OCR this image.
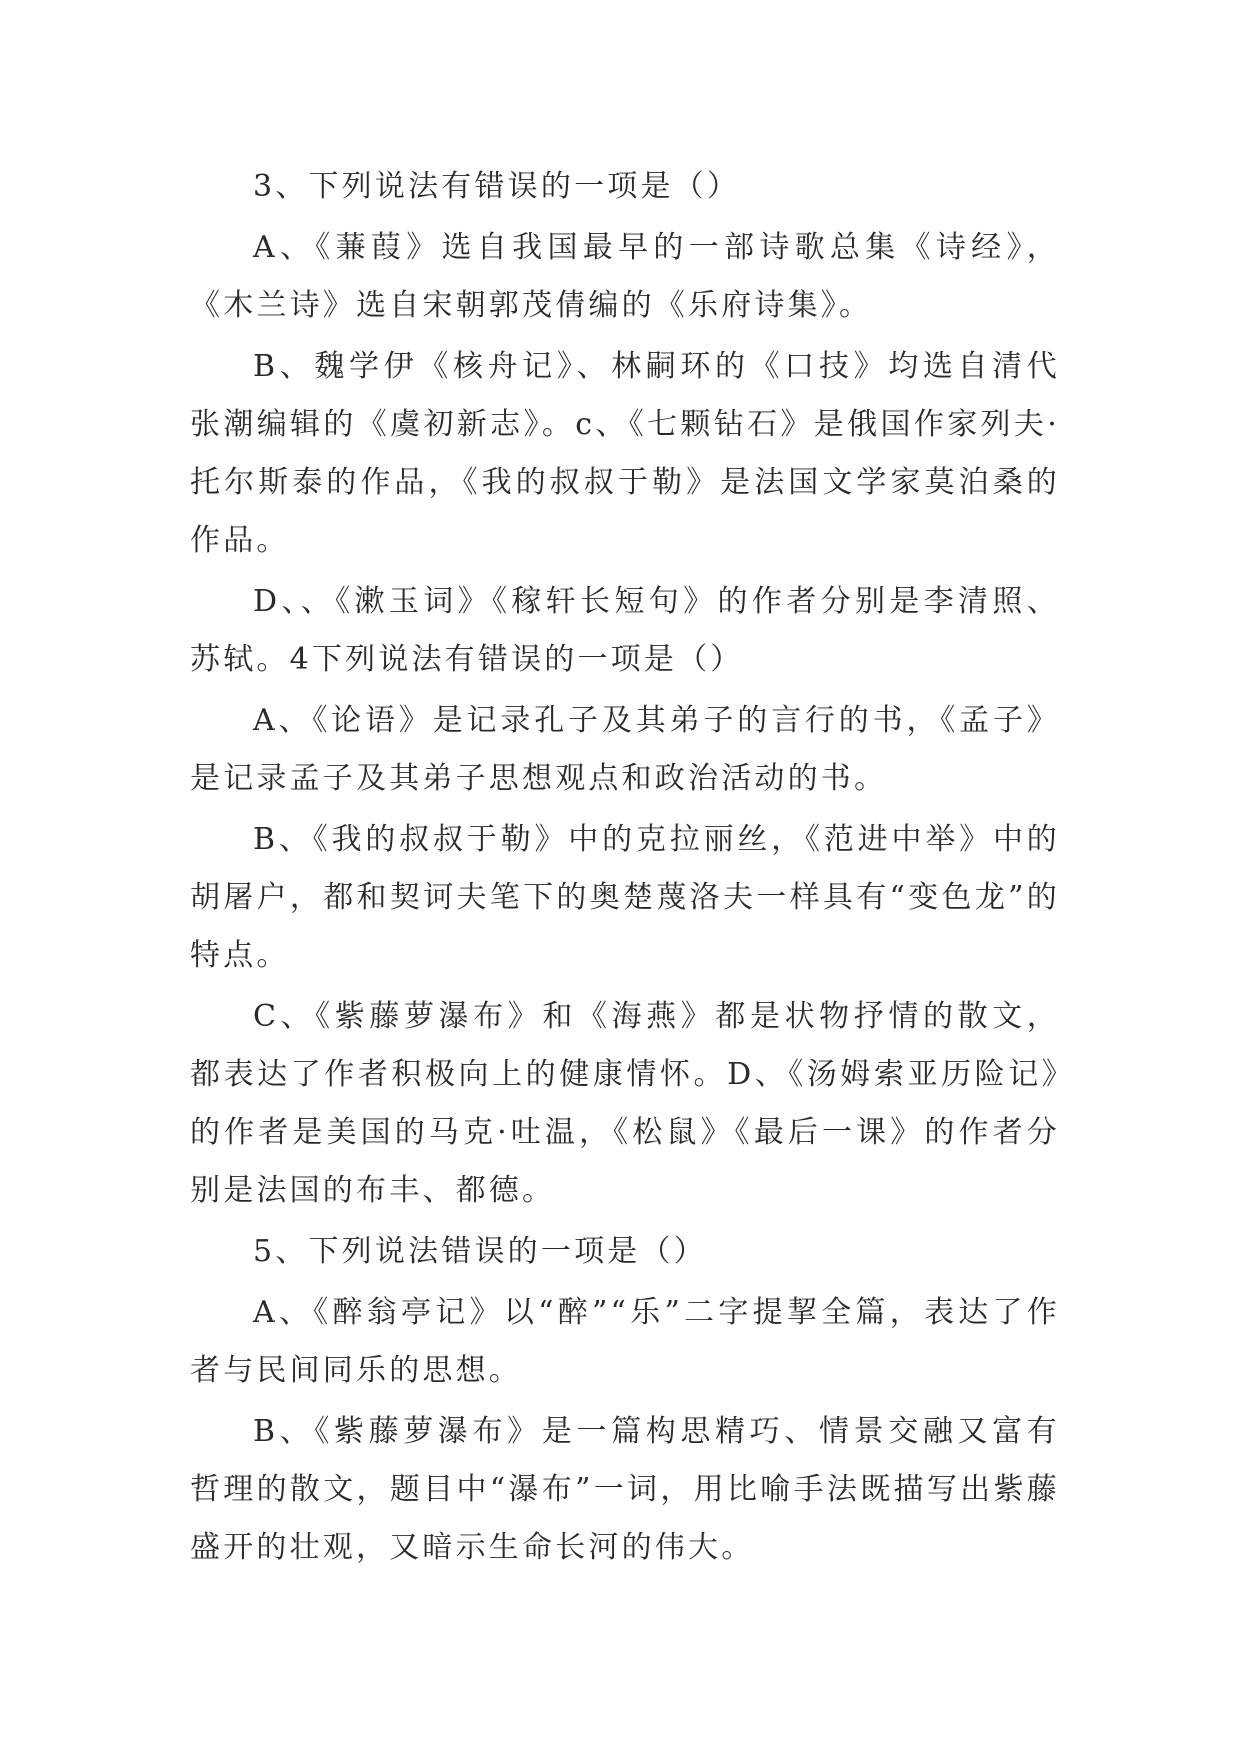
3、下列说法有错误的一项是（）

A、《蒹葭》选自我国最早的一部诗歌总集《诗经》，《木兰诗》选自宋朝郭茂倩编的《乐府诗集》。

B、魏学伊《核舟记》、林嗣环的《口技》均选自清代张潮编辑的《虞初新志》。c、《七颗钻石》是俄国作家列夫·托尔斯泰的作品，《我的叔叔于勒》是法国文学家莫泊桑的作品。

D、、《漱玉词》《稼轩长短句》的作者分别是李清照、苏轼。4下列说法有错误的一项是（）

A、《论语》是记录孔子及其弟子的言行的书，《孟子》是记录孟子及其弟子思想观点和政治活动的书。

B、《我的叔叔于勒》中的克拉丽丝，《范进中举》中的胡屠户，都和契诃夫笔下的奥楚蔑洛夫一样具有“变色龙”的特点。

C、《紫藤萝瀑布》和《海燕》都是状物抒情的散文，都表达了作者积极向上的健康情怀。D、《汤姆索亚历险记》的作者是美国的马克·吐温，《松鼠》《最后一课》的作者分别是法国的布丰、都德。

5、下列说法错误的一项是（）

A、《醉翁亭记》以“醉”“乐”二字提挈全篇，表达了作者与民间同乐的思想。

B、《紫藤萝瀑布》是一篇构思精巧、情景交融又富有哲理的散文，题目中“瀑布”一词，用比喻手法既描写出紫藤盛开的壮观，又暗示生命长河的伟大。
